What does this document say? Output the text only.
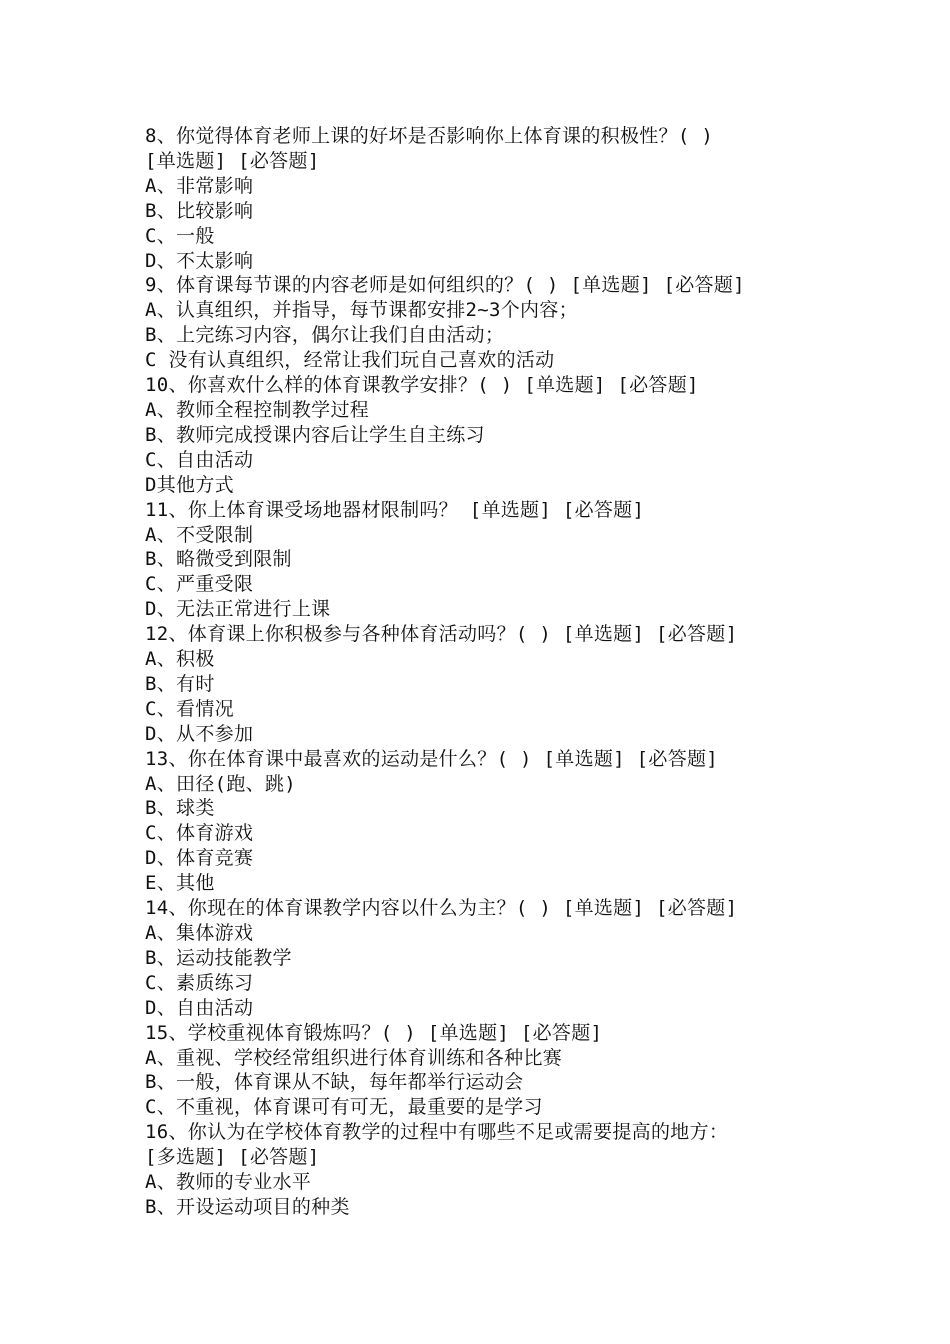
8、你觉得体育老师上课的好坏是否影响你上体育课的积极性？( )
[单选题] [必答题]
A、非常影响
B、比较影响
C、一般
D、不太影响
9、体育课每节课的内容老师是如何组织的？( ) [单选题] [必答题]
A、认真组织，并指导，每节课都安排2~3个内容；
B、上完练习内容，偶尔让我们自由活动；
C 没有认真组织，经常让我们玩自己喜欢的活动
10、你喜欢什么样的体育课教学安排？( ) [单选题] [必答题]
A、教师全程控制教学过程
B、教师完成授课内容后让学生自主练习
C、自由活动
D其他方式
11、你上体育课受场地器材限制吗？ [单选题] [必答题]
A、不受限制
B、略微受到限制
C、严重受限
D、无法正常进行上课
12、体育课上你积极参与各种体育活动吗？( ) [单选题] [必答题]
A、积极
B、有时
C、看情况
D、从不参加
13、你在体育课中最喜欢的运动是什么？( ) [单选题] [必答题]
A、田径(跑、跳)
B、球类
C、体育游戏
D、体育竞赛
E、其他
14、你现在的体育课教学内容以什么为主？( ) [单选题] [必答题]
A、集体游戏
B、运动技能教学
C、素质练习
D、自由活动
15、学校重视体育锻炼吗？( ) [单选题] [必答题]
A、重视、学校经常组织进行体育训练和各种比赛
B、一般，体育课从不缺，每年都举行运动会
C、不重视，体育课可有可无，最重要的是学习
16、你认为在学校体育教学的过程中有哪些不足或需要提高的地方：
[多选题] [必答题]
A、教师的专业水平
B、开设运动项目的种类
